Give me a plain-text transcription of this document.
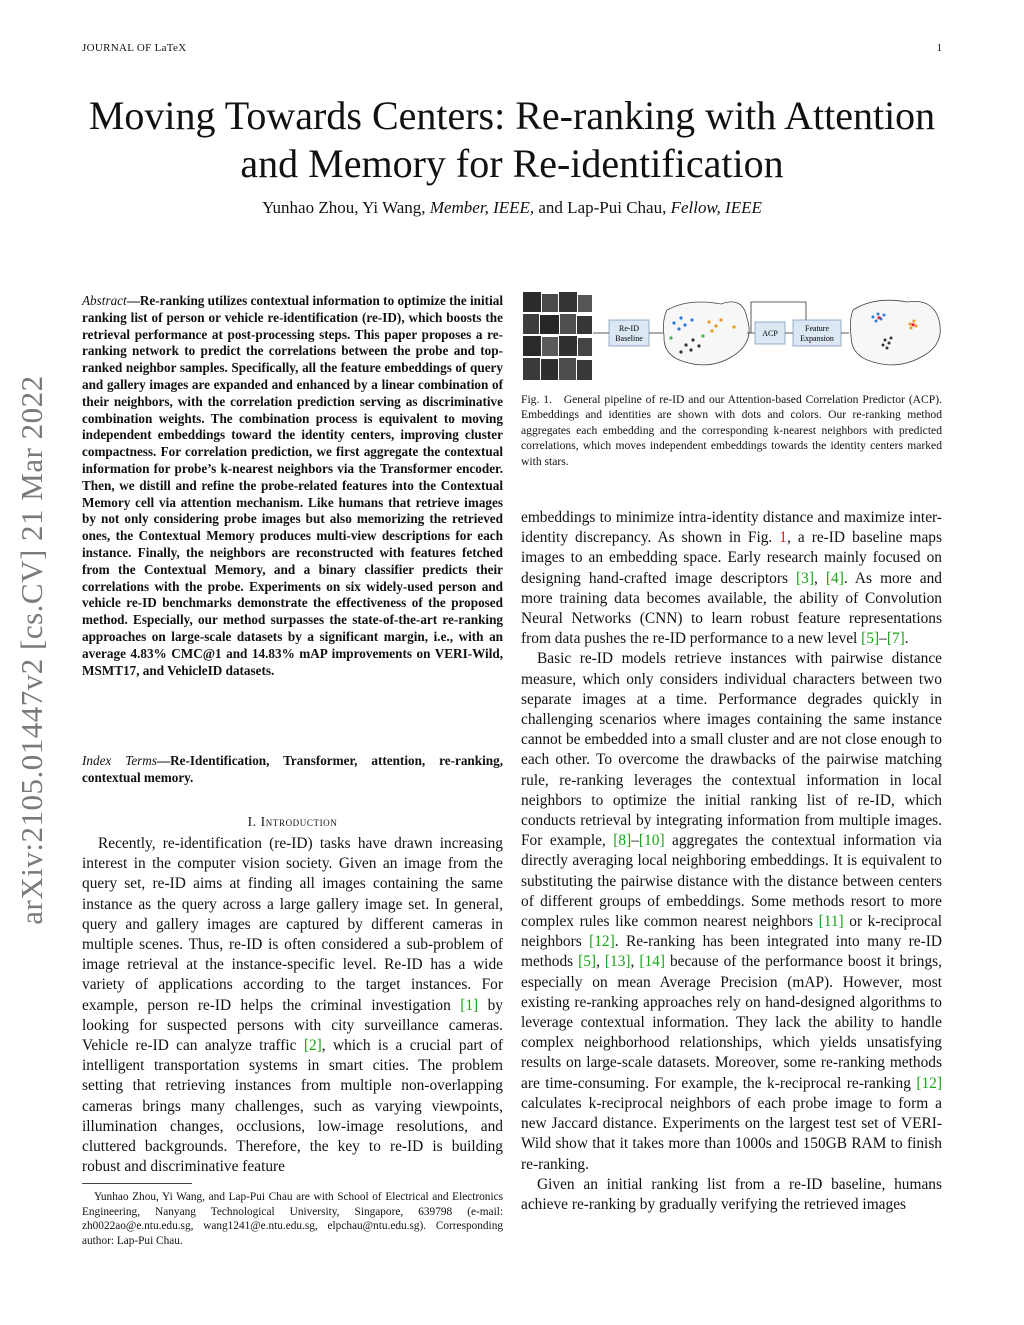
JOURNAL OF LaTeX	1
arXiv:2105.01447v2 [cs.CV] 21 Mar 2022
Moving Towards Centers: Re-ranking with Attention and Memory for Re-identification
Yunhao Zhou, Yi Wang, Member, IEEE, and Lap-Pui Chau, Fellow, IEEE
Abstract—Re-ranking utilizes contextual information to optimize the initial ranking list of person or vehicle re-identification (re-ID), which boosts the retrieval performance at post-processing steps. This paper proposes a re-ranking network to predict the correlations between the probe and top-ranked neighbor samples. Specifically, all the feature embeddings of query and gallery images are expanded and enhanced by a linear combination of their neighbors, with the correlation prediction serving as discriminative combination weights. The combination process is equivalent to moving independent embeddings toward the identity centers, improving cluster compactness. For correlation prediction, we first aggregate the contextual information for probe’s k-nearest neighbors via the Transformer encoder. Then, we distill and refine the probe-related features into the Contextual Memory cell via attention mechanism. Like humans that retrieve images by not only considering probe images but also memorizing the retrieved ones, the Contextual Memory produces multi-view descriptions for each instance. Finally, the neighbors are reconstructed with features fetched from the Contextual Memory, and a binary classifier predicts their correlations with the probe. Experiments on six widely-used person and vehicle re-ID benchmarks demonstrate the effectiveness of the proposed method. Especially, our method surpasses the state-of-the-art re-ranking approaches on large-scale datasets by a significant margin, i.e., with an average 4.83% CMC@1 and 14.83% mAP improvements on VERI-Wild, MSMT17, and VehicleID datasets.
Index Terms—Re-Identification, Transformer, attention, re-ranking, contextual memory.
I. Introduction

Recently, re-identification (re-ID) tasks have drawn increasing interest in the computer vision society. Given an image from the query set, re-ID aims at finding all images containing the same instance as the query across a large gallery image set. In general, query and gallery images are captured by different cameras in multiple scenes. Thus, re-ID is often considered a sub-problem of image retrieval at the instance-specific level. Re-ID has a wide variety of applications according to the target instances. For example, person re-ID helps the criminal investigation [1] by looking for suspected persons with city surveillance cameras. Vehicle re-ID can analyze traffic [2], which is a crucial part of intelligent transportation systems in smart cities. The problem setting that retrieving instances from multiple non-overlapping cameras brings many challenges, such as varying viewpoints, illumination changes, occlusions, low-image resolutions, and cluttered backgrounds. Therefore, the key to re-ID is building robust and discriminative feature

Yunhao Zhou, Yi Wang, and Lap-Pui Chau are with School of Electrical and Electronics Engineering, Nanyang Technological University, Singapore, 639798 (e-mail: zh0022ao@e.ntu.edu.sg, wang1241@e.ntu.edu.sg, elpchau@ntu.edu.sg). Corresponding author: Lap-Pui Chau.
Re-ID
Baseline
ACP
Feature
Expansion
★
★
Fig. 1. General pipeline of re-ID and our Attention-based Correlation Predictor (ACP). Embeddings and identities are shown with dots and colors. Our re-ranking method aggregates each embedding and the corresponding k-nearest neighbors with predicted correlations, which moves independent embeddings towards the identity centers marked with stars.

embeddings to minimize intra-identity distance and maximize inter-identity discrepancy. As shown in Fig. 1, a re-ID baseline maps images to an embedding space. Early research mainly focused on designing hand-crafted image descriptors [3], [4]. As more and more training data becomes available, the ability of Convolution Neural Networks (CNN) to learn robust feature representations from data pushes the re-ID performance to a new level [5]–[7].

Basic re-ID models retrieve instances with pairwise distance measure, which only considers individual characters between two separate images at a time. Performance degrades quickly in challenging scenarios where images containing the same instance cannot be embedded into a small cluster and are not close enough to each other. To overcome the drawbacks of the pairwise matching rule, re-ranking leverages the contextual information in local neighbors to optimize the initial ranking list of re-ID, which conducts retrieval by integrating information from multiple images. For example, [8]–[10] aggregates the contextual information via directly averaging local neighboring embeddings. It is equivalent to substituting the pairwise distance with the distance between centers of different groups of embeddings. Some methods resort to more complex rules like common nearest neighbors [11] or k-reciprocal neighbors [12]. Re-ranking has been integrated into many re-ID methods [5], [13], [14] because of the performance boost it brings, especially on mean Average Precision (mAP). However, most existing re-ranking approaches rely on hand-designed algorithms to leverage contextual information. They lack the ability to handle complex neighborhood relationships, which yields unsatisfying results on large-scale datasets. Moreover, some re-ranking methods are time-consuming. For example, the k-reciprocal re-ranking [12] calculates k-reciprocal neighbors of each probe image to form a new Jaccard distance. Experiments on the largest test set of VERI-Wild show that it takes more than 1000s and 150GB RAM to finish re-ranking.

Given an initial ranking list from a re-ID baseline, humans achieve re-ranking by gradually verifying the retrieved images
